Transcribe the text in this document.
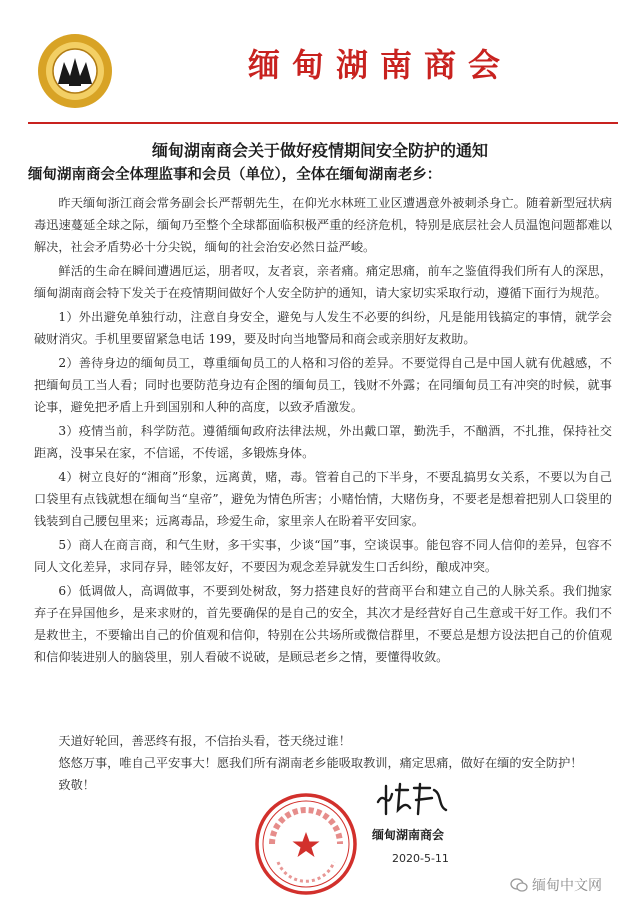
缅甸湖南商会
缅甸湖南商会关于做好疫情期间安全防护的通知
缅甸湖南商会全体理监事和会员（单位），全体在缅甸湖南老乡：

昨天缅甸浙江商会常务副会长严帮朝先生，在仰光水林班工业区遭遇意外被刺杀身亡。随着新型冠状病毒迅速蔓延全球之际，缅甸乃至整个全球都面临积极严重的经济危机，特别是底层社会人员温饱问题都难以解决，社会矛盾势必十分尖锐，缅甸的社会治安必然日益严峻。

鲜活的生命在瞬间遭遇厄运，朋者叹，友者哀，亲者痛。痛定思痛，前车之鉴值得我们所有人的深思，缅甸湖南商会特下发关于在疫情期间做好个人安全防护的通知，请大家切实采取行动，遵循下面行为规范。

1）外出避免单独行动，注意自身安全，避免与人发生不必要的纠纷，凡是能用钱搞定的事情，就学会破财消灾。手机里要留紧急电话 199，要及时向当地警局和商会或亲朋好友救助。

2）善待身边的缅甸员工，尊重缅甸员工的人格和习俗的差异。不要觉得自己是中国人就有优越感，不把缅甸员工当人看；同时也要防范身边有企图的缅甸员工，钱财不外露；在同缅甸员工有冲突的时候，就事论事，避免把矛盾上升到国别和人种的高度，以致矛盾激发。

3）疫情当前，科学防范。遵循缅甸政府法律法规，外出戴口罩，勤洗手，不酗酒，不扎推，保持社交距离，没事呆在家，不信谣，不传谣，多锻炼身体。

4）树立良好的“湘商”形象，远离黄，赌，毒。管着自己的下半身，不要乱搞男女关系，不要以为自己口袋里有点钱就想在缅甸当“皇帝”，避免为情色所害；小赌怡情，大赌伤身，不要老是想着把别人口袋里的钱装到自己腰包里来；远离毒品，珍爱生命，家里亲人在盼着平安回家。

5）商人在商言商，和气生财，多干实事，少谈“国”事，空谈误事。能包容不同人信仰的差异，包容不同人文化差异，求同存异，睦邻友好，不要因为观念差异就发生口舌纠纷，酿成冲突。

6）低调做人，高调做事，不要到处树敌，努力搭建良好的营商平台和建立自己的人脉关系。我们抛家弃子在异国他乡，是来求财的，首先要确保的是自己的安全，其次才是经营好自己生意或干好工作。我们不是救世主，不要输出自己的价值观和信仰，特别在公共场所或微信群里，不要总是想方设法把自己的价值观和信仰装进别人的脑袋里，别人看破不说破，是顾忌老乡之情，要懂得收敛。

天道好轮回，善恶终有报，不信抬头看，苍天绕过谁！

悠悠万事，唯自己平安事大！愿我们所有湖南老乡能吸取教训，痛定思痛，做好在缅的安全防护！

致敬！

缅甸湖南商会
2020-5-11
缅甸中文网
